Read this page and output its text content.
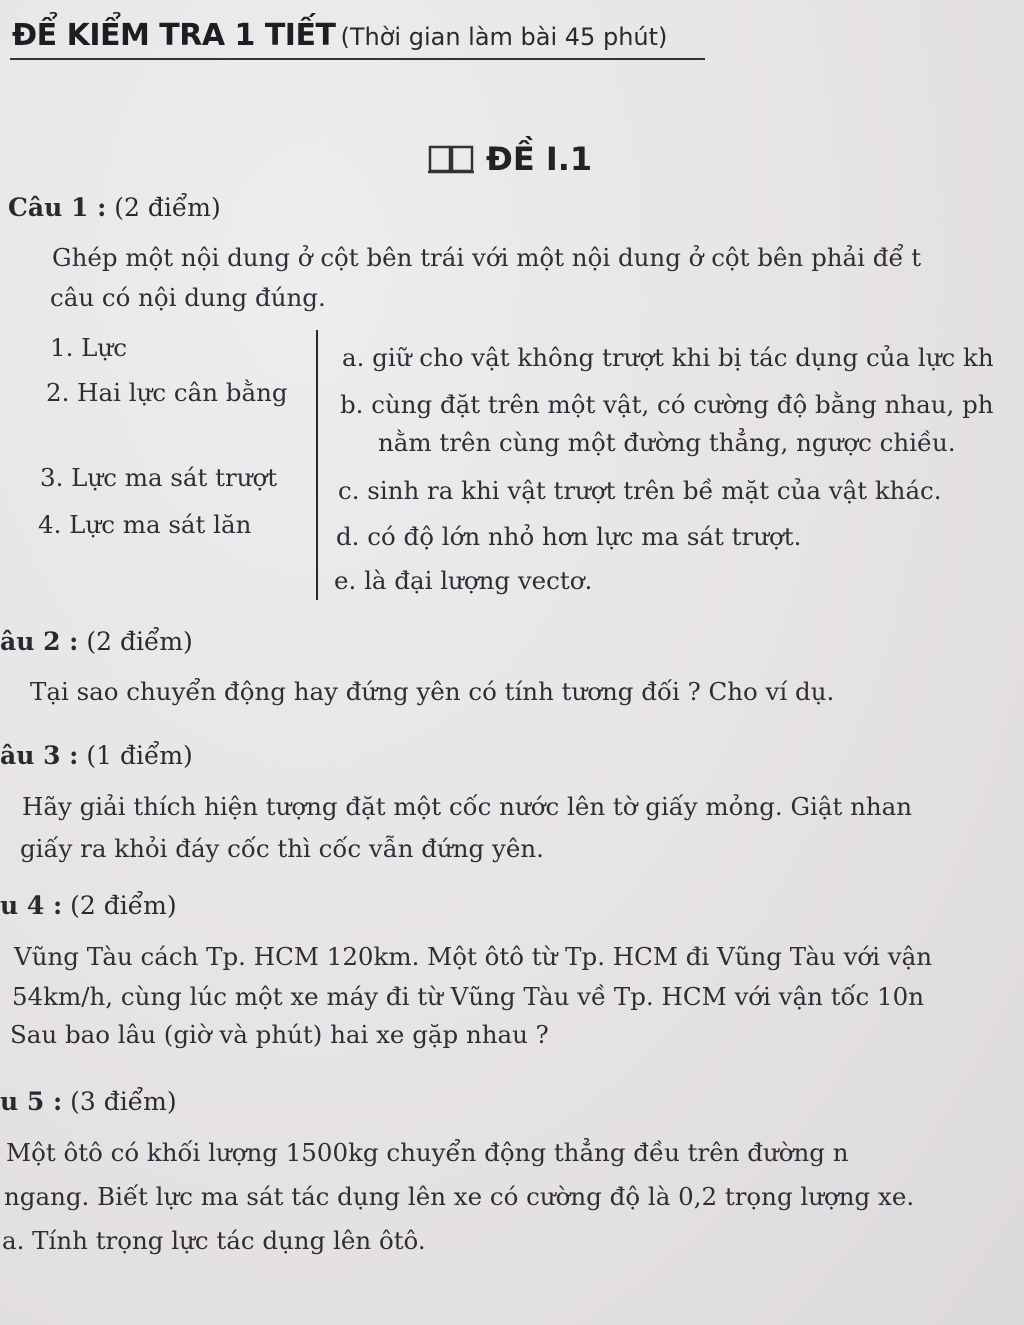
ĐỂ KIỂM TRA 1 TIẾT (Thời gian làm bài 45 phút)
ĐỀ I.1
Câu 1 : (2 điểm)
Ghép một nội dung ở cột bên trái với một nội dung ở cột bên phải để t
câu có nội dung đúng.
1. Lực
2. Hai lực cân bằng
3. Lực ma sát trượt
4. Lực ma sát lăn
a. giữ cho vật không trượt khi bị tác dụng của lực kh
b. cùng đặt trên một vật, có cường độ bằng nhau, ph
nằm trên cùng một đường thẳng, ngược chiều.
c. sinh ra khi vật trượt trên bề mặt của vật khác.
d. có độ lớn nhỏ hơn lực ma sát trượt.
e. là đại lượng vectơ.
âu 2 : (2 điểm)
Tại sao chuyển động hay đứng yên có tính tương đối ? Cho ví dụ.
âu 3 : (1 điểm)
Hãy giải thích hiện tượng đặt một cốc nước lên tờ giấy mỏng. Giật nhan
giấy ra khỏi đáy cốc thì cốc vẫn đứng yên.
u 4 : (2 điểm)
Vũng Tàu cách Tp. HCM 120km. Một ôtô từ Tp. HCM đi Vũng Tàu với vận
54km/h, cùng lúc một xe máy đi từ Vũng Tàu về Tp. HCM với vận tốc 10n
Sau bao lâu (giờ và phút) hai xe gặp nhau ?
u 5 : (3 điểm)
Một ôtô có khối lượng 1500kg chuyển động thẳng đều trên đường n
ngang. Biết lực ma sát tác dụng lên xe có cường độ là 0,2 trọng lượng xe.
a. Tính trọng lực tác dụng lên ôtô.
